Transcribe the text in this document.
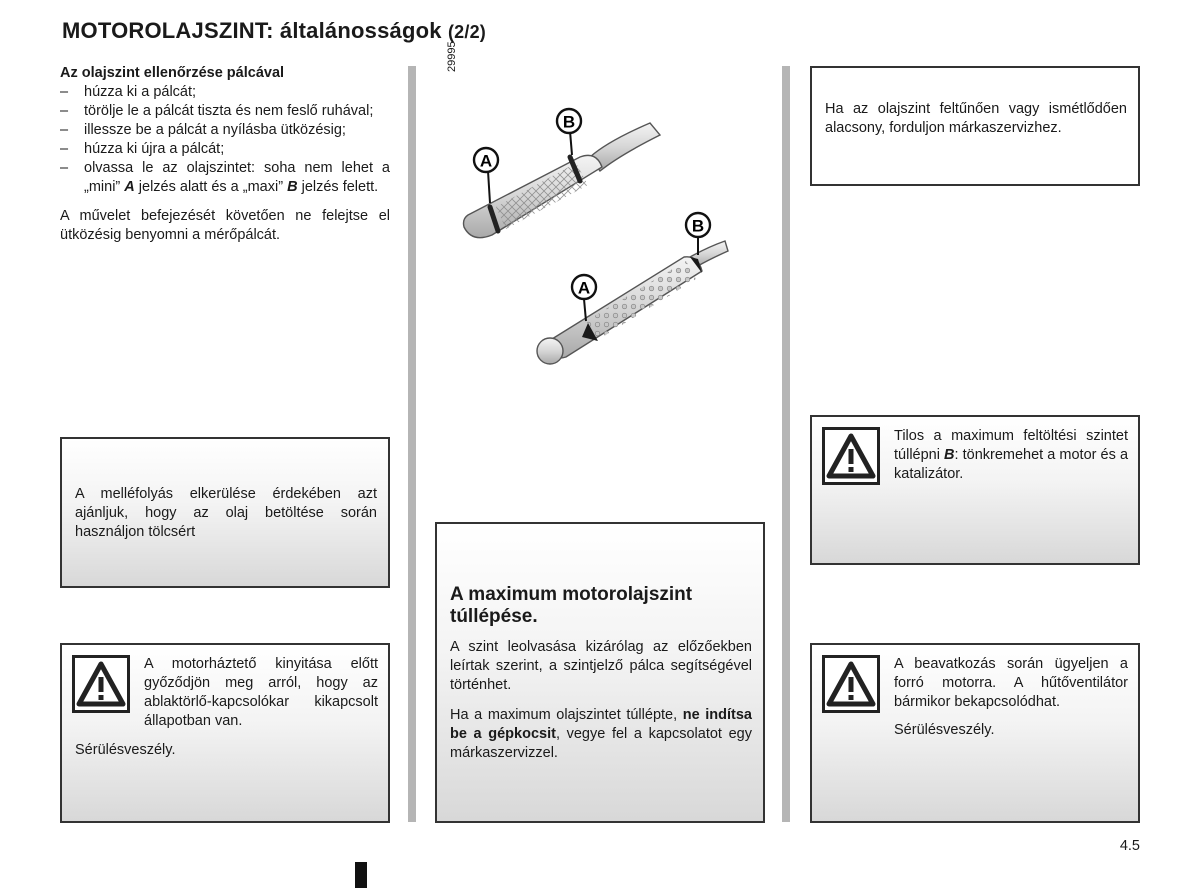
MOTOROLAJSZINT: általánosságok (2/2)

Az olajszint ellenőrzése pálcával

– húzza ki a pálcát;
– törölje le a pálcát tiszta és nem feslő ruhával;
– illessze be a pálcát a nyílásba ütközésig;
– húzza ki újra a pálcát;
– olvassa le az olajszintet: soha nem lehet a „mini” A jelzés alatt és a „maxi” B jelzés felett.

A művelet befejezését követően ne felejtse el ütközésig benyomni a mérőpálcát.

A melléfolyás elkerülése érdekében azt ajánljuk, hogy az olaj betöltése során használjon tölcsért

A motorháztető kinyitása előtt győződjön meg arról, hogy az ablaktörlő-kapcsolókar kikapcsolt állapotban van.

Sérülésveszély.

29995
A
B
A
B

A maximum motorolajszint túllépése.

A szint leolvasása kizárólag az előzőekben leírtak szerint, a szintjelző pálca segítségével történhet.

Ha a maximum olajszintet túllépte, ne indítsa be a gépkocsit, vegye fel a kapcsolatot egy márkaszervizzel.

Ha az olajszint feltűnően vagy ismétlődően alacsony, forduljon márkaszervizhez.

Tilos a maximum feltöltési szintet túllépni B: tönkremehet a motor és a katalizátor.

A beavatkozás során ügyeljen a forró motorra. A hűtőventilátor bármikor bekapcsolódhat.

Sérülésveszély.

4.5
